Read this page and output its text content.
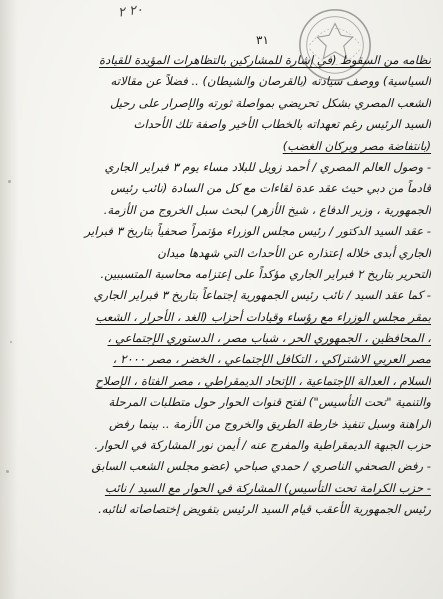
٢٠ ٢
٣١
نظامه من السقوط (في إشارة للمشاركين بالتظاهرات المؤيدة للقيادة
السياسية) ووصف سيادته (بالقرصان والشيطان) .. فضلاً عن مقالاته
الشعب المصري بشكل تحريضي بمواصلة ثورته والإصرار على رحيل
السيد الرئيس رغم تعهداته بالخطاب الأخير واصفة تلك الأحداث
(بانتفاضة مصر وبركان الغضب)
- وصول العالم المصري / أحمد زويل للبلاد مساء يوم ٣ فبراير الجاري
قادماً من دبي حيث عقد عدة لقاءات مع كل من السادة (نائب رئيس
الجمهورية ، وزير الدفاع ، شيخ الأزهر) لبحث سبل الخروج من الأزمة.
- عقد السيد الدكتور / رئيس مجلس الوزراء مؤتمراً صحفياً بتاريخ ٣ فبراير
الجاري أبدى خلاله إعتذاره عن الأحداث التي شهدها ميدان
التحرير بتاريخ ٢ فبراير الجاري مؤكداً على إعتزامه محاسبة المتسببين.
- كما عقد السيد / نائب رئيس الجمهورية إجتماعاً بتاريخ ٣ فبراير الجاري
بمقر مجلس الوزراء مع رؤساء وقيادات أحزاب (الغد ، الأحرار ، الشعب
، المحافظين ، الجمهوري الحر ، شباب مصر ، الدستوري الإجتماعي ،
مصر العربي الاشتراكي ، التكافل الإجتماعي ، الخضر ، مصر ٢٠٠٠ ،
السلام ، العدالة الإجتماعية ، الإتحاد الديمقراطي ، مصر الفتاة ، الإصلاح
والتنمية "تحت التأسيس") لفتح قنوات الحوار حول متطلبات المرحلة
الراهنة وسبل تنفيذ خارطة الطريق والخروج من الأزمة .. بينما رفض
حزب الجبهة الديمقراطية والمفرج عنه / أيمن نور المشاركة في الحوار.
- رفض الصحفي الناصري / حمدي صباحي (عضو مجلس الشعب السابق
- حزب الكرامة تحت التأسيس) المشاركة في الحوار مع السيد / نائب
رئيس الجمهورية الأعقب قيام السيد الرئيس بتفويض إختصاصاته لنائبه.
